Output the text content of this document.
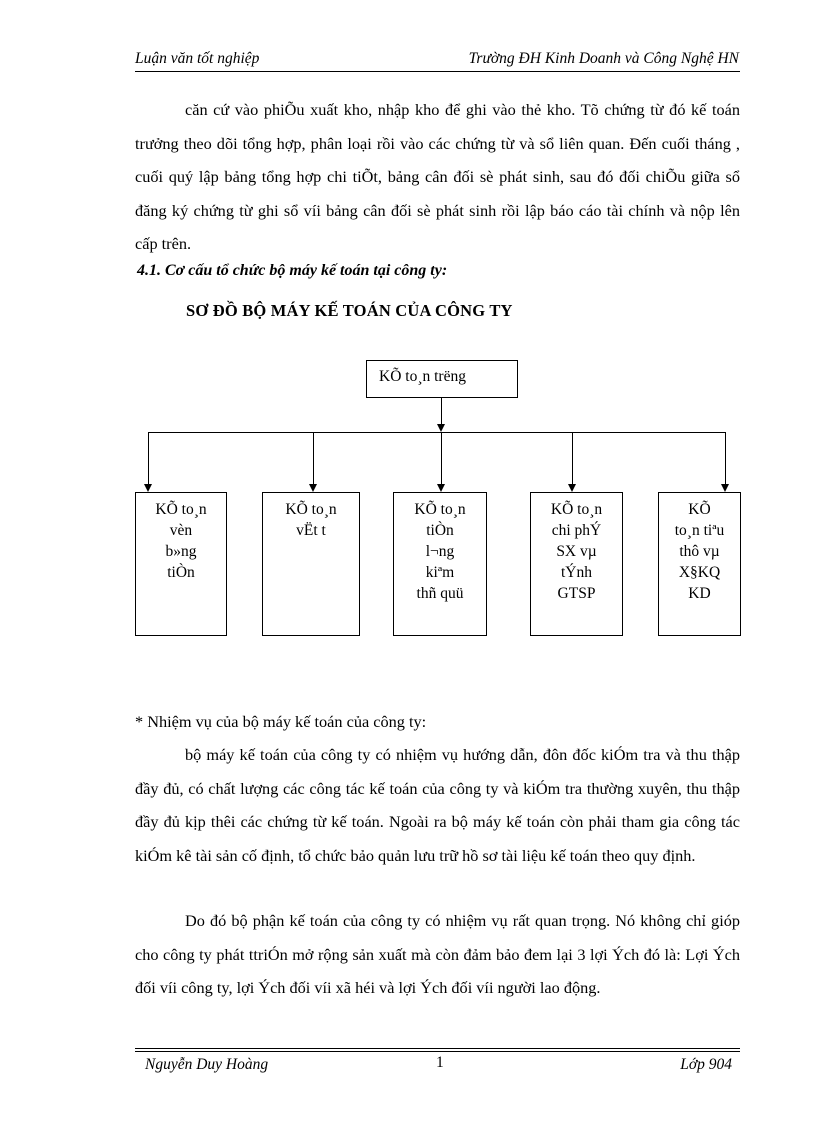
Luận văn tốt nghiệp	Trường ĐH Kinh Doanh và Công Nghệ HN
căn cứ vào phiÕu xuất kho, nhập kho để ghi vào thẻ kho. Tõ chứng từ đó kế toán trưởng theo dõi tổng hợp, phân loại rồi vào các chứng từ và sổ liên quan. Đến cuối tháng , cuối quý lập bảng tổng hợp chi tiÕt, bảng cân đối sè phát sinh, sau đó đối chiÕu giữa sổ đăng ký chứng từ ghi sổ víi bảng cân đối sè phát sinh rồi lập báo cáo tài chính và nộp lên cấp trên.
4.1. Cơ cấu tổ chức bộ máy kế toán tại công ty:
SƠ ĐỒ BỘ MÁY KẾ TOÁN CỦA CÔNG TY
KÕ to¸n trëng
KÕ to¸n
vèn
b»ng
tiÒn
KÕ to¸n
vËt t
KÕ to¸n
tiÒn
l¬ng
kiªm
thñ quü
KÕ to¸n
chi phÝ
SX vµ
tÝnh
GTSP
KÕ
to¸n tiªu
thô vµ
X§KQ
KD
* Nhiệm vụ của bộ máy kế toán của công ty:
bộ máy kế toán của công ty có nhiệm vụ hướng dẫn, đôn đốc kiÓm tra và thu thập đầy đủ, có chất lượng các công tác kế toán của công ty và kiÓm tra thường xuyên, thu thập đầy đủ kịp thêi các chứng từ kế toán. Ngoài ra bộ máy kế toán còn phải tham gia công tác kiÓm kê tài sản cố định, tổ chức bảo quản lưu trữ hồ sơ tài liệu kế toán theo quy định.
Do đó bộ phận kế toán của công ty có nhiệm vụ rất quan trọng. Nó không chỉ gióp cho công ty phát ttriÓn mở rộng sản xuất mà còn đảm bảo đem lại 3 lợi Ých đó là: Lợi Ých đối víi công ty, lợi Ých đối víi xã héi và lợi Ých đối víi người lao động.
Nguyễn Duy Hoàng	1	Lớp 904
